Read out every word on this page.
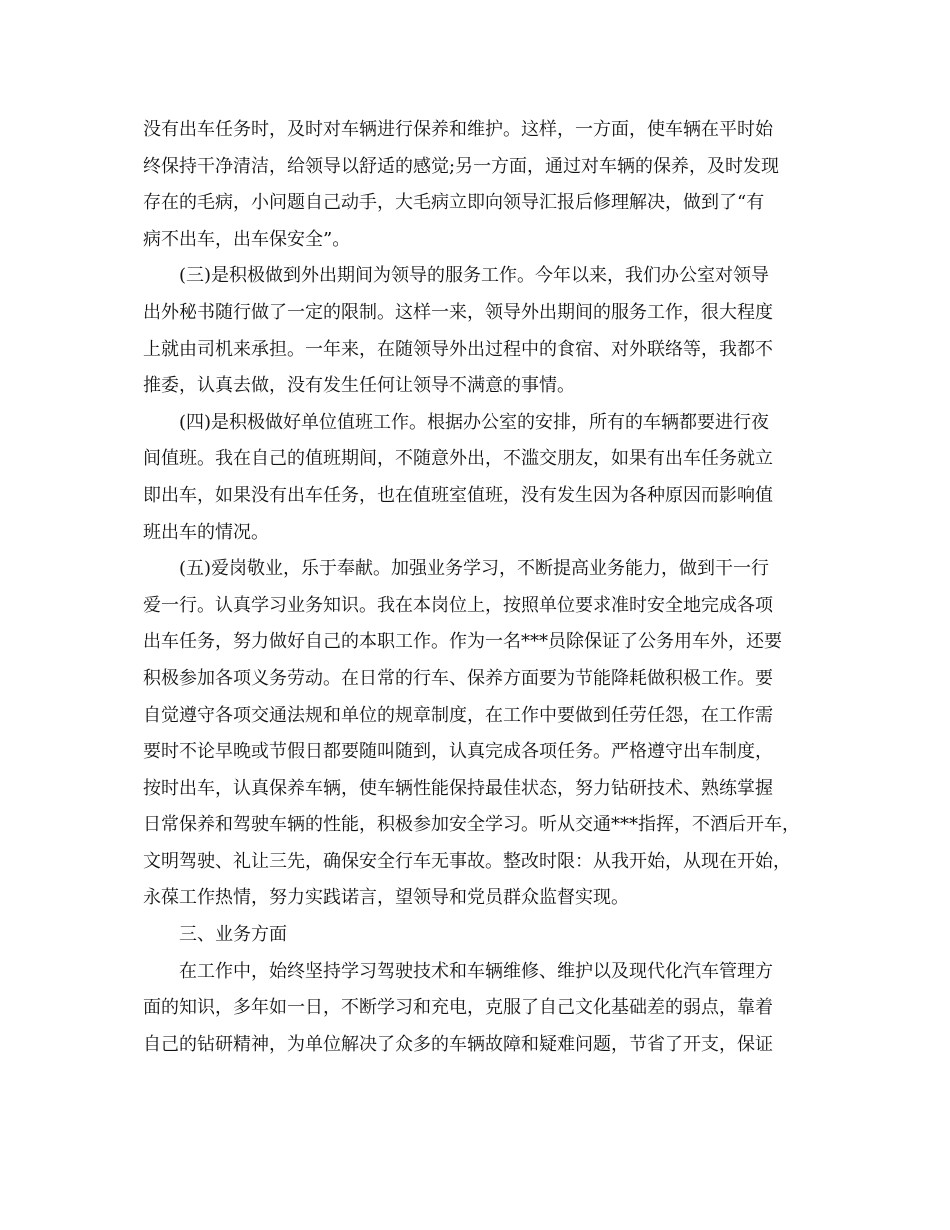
没有出车任务时，及时对车辆进行保养和维护。这样，一方面，使车辆在平时始
终保持干净清洁，给领导以舒适的感觉;另一方面，通过对车辆的保养，及时发现
存在的毛病，小问题自己动手，大毛病立即向领导汇报后修理解决，做到了“有
病不出车，出车保安全”。
(三)是积极做到外出期间为领导的服务工作。今年以来，我们办公室对领导
出外秘书随行做了一定的限制。这样一来，领导外出期间的服务工作，很大程度
上就由司机来承担。一年来，在随领导外出过程中的食宿、对外联络等，我都不
推委，认真去做，没有发生任何让领导不满意的事情。
(四)是积极做好单位值班工作。根据办公室的安排，所有的车辆都要进行夜
间值班。我在自己的值班期间，不随意外出，不滥交朋友，如果有出车任务就立
即出车，如果没有出车任务，也在值班室值班，没有发生因为各种原因而影响值
班出车的情况。
(五)爱岗敬业，乐于奉献。加强业务学习，不断提高业务能力，做到干一行
爱一行。认真学习业务知识。我在本岗位上，按照单位要求准时安全地完成各项
出车任务，努力做好自己的本职工作。作为一名***员除保证了公务用车外，还要
积极参加各项义务劳动。在日常的行车、保养方面要为节能降耗做积极工作。要
自觉遵守各项交通法规和单位的规章制度，在工作中要做到任劳任怨，在工作需
要时不论早晚或节假日都要随叫随到，认真完成各项任务。严格遵守出车制度，
按时出车，认真保养车辆，使车辆性能保持最佳状态，努力钻研技术、熟练掌握
日常保养和驾驶车辆的性能，积极参加安全学习。听从交通***指挥，不酒后开车，
文明驾驶、礼让三先，确保安全行车无事故。整改时限：从我开始，从现在开始，
永葆工作热情，努力实践诺言，望领导和党员群众监督实现。
三、业务方面
在工作中，始终坚持学习驾驶技术和车辆维修、维护以及现代化汽车管理方
面的知识，多年如一日，不断学习和充电，克服了自己文化基础差的弱点，靠着
自己的钻研精神，为单位解决了众多的车辆故障和疑难问题，节省了开支，保证
